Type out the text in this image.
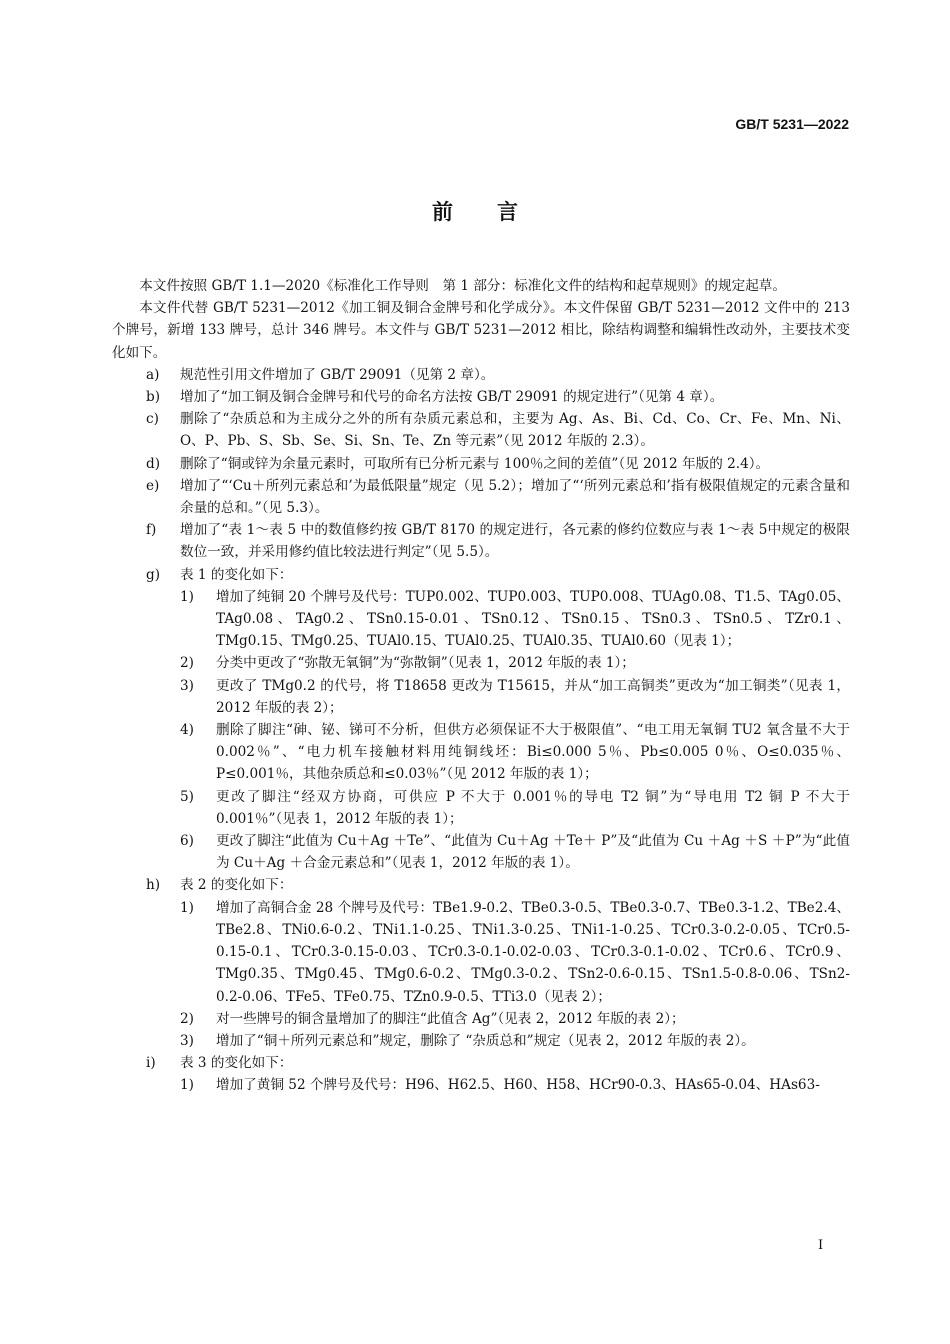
GB/T 5231—2022
前言

本文件按照 GB/T 1.1—2020《标准化工作导则　第 1 部分：标准化文件的结构和起草规则》的规定起草。

本文件代替 GB/T 5231—2012《加工铜及铜合金牌号和化学成分》。本文件保留 GB/T 5231—2012 文件中的 213 个牌号，新增 133 牌号，总计 346 牌号。本文件与 GB/T 5231—2012 相比，除结构调整和编辑性改动外，主要技术变化如下。

a) 规范性引用文件增加了 GB/T 29091（见第 2 章）。
b) 增加了“加工铜及铜合金牌号和代号的命名方法按 GB/T 29091 的规定进行”（见第 4 章）。
c) 删除了“杂质总和为主成分之外的所有杂质元素总和，主要为 Ag、As、Bi、Cd、Co、Cr、Fe、Mn、Ni、O、P、Pb、S、Sb、Se、Si、Sn、Te、Zn 等元素”（见 2012 年版的 2.3）。
d) 删除了“铜或锌为余量元素时，可取所有已分析元素与 100％之间的差值”（见 2012 年版的 2.4）。
e) 增加了“‘Cu＋所列元素总和’为最低限量”规定（见 5.2）；增加了“‘所列元素总和’指有极限值规定的元素含量和余量的总和。”（见 5.3）。
f) 增加了“表 1～表 5 中的数值修约按 GB/T 8170 的规定进行，各元素的修约位数应与表 1～表 5中规定的极限数位一致，并采用修约值比较法进行判定”（见 5.5）。
g) 表 1 的变化如下：
1) 增加了纯铜 20 个牌号及代号：TUP0.002、TUP0.003、TUP0.008、TUAg0.08、T1.5、TAg0.05、TAg0.08、TAg0.2、TSn0.15-0.01、TSn0.12、TSn0.15、TSn0.3、TSn0.5、TZr0.1、TMg0.15、TMg0.25、TUAl0.15、TUAl0.25、TUAl0.35、TUAl0.60（见表 1）；
2) 分类中更改了“弥散无氧铜”为“弥散铜”（见表 1，2012 年版的表 1）；
3) 更改了 TMg0.2 的代号，将 T18658 更改为 T15615，并从“加工高铜类”更改为“加工铜类”（见表 1，2012 年版的表 2）；
4) 删除了脚注“砷、铋、锑可不分析，但供方必须保证不大于极限值”、“电工用无氧铜 TU2 氧含量不大于 0.002％”、“电力机车接触材料用纯铜线坯：Bi≤0.000 5％、Pb≤0.005 0％、O≤0.035％、P≤0.001％，其他杂质总和≤0.03％”（见 2012 年版的表 1）；
5) 更改了脚注“经双方协商，可供应 P 不大于 0.001％的导电 T2 铜”为“导电用 T2 铜 P 不大于 0.001％”（见表 1，2012 年版的表 1）；
6) 更改了脚注“此值为 Cu＋Ag ＋Te”、“此值为 Cu＋Ag ＋Te＋ P”及“此值为 Cu ＋Ag ＋S ＋P”为“此值为 Cu＋Ag ＋合金元素总和”（见表 1，2012 年版的表 1）。
h) 表 2 的变化如下：
1) 增加了高铜合金 28 个牌号及代号：TBe1.9-0.2、TBe0.3-0.5、TBe0.3-0.7、TBe0.3-1.2、TBe2.4、TBe2.8、TNi0.6-0.2、TNi1.1-0.25、TNi1.3-0.25、TNi1-1-0.25、TCr0.3-0.2-0.05、TCr0.5-0.15-0.1、TCr0.3-0.15-0.03、TCr0.3-0.1-0.02-0.03、TCr0.3-0.1-0.02、TCr0.6、TCr0.9、TMg0.35、TMg0.45、TMg0.6-0.2、TMg0.3-0.2、TSn2-0.6-0.15、TSn1.5-0.8-0.06、TSn2-0.2-0.06、TFe5、TFe0.75、TZn0.9-0.5、TTi3.0（见表 2）；
2) 对一些牌号的铜含量增加了的脚注“此值含 Ag”（见表 2，2012 年版的表 2）；
3) 增加了“铜＋所列元素总和”规定，删除了 “杂质总和”规定（见表 2，2012 年版的表 2）。
i) 表 3 的变化如下：
1) 增加了黄铜 52 个牌号及代号：H96、H62.5、H60、H58、HCr90-0.3、HAs65-0.04、HAs63-
I
